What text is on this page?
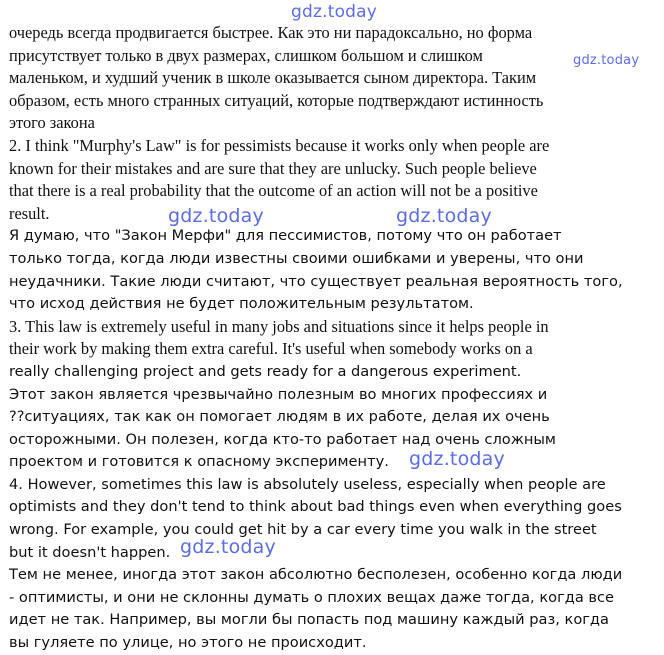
gdz.today
очередь всегда продвигается быстрее. Как это ни парадоксально, но форма
присутствует только в двух размерах, слишком большом и слишком
маленьком, и худший ученик в школе оказывается сыном директора. Таким
образом, есть много странных ситуаций, которые подтверждают истинность
этого закона
2. I think "Murphy's Law" is for pessimists because it works only when people are
known for their mistakes and are sure that they are unlucky. Such people believe
that there is a real probability that the outcome of an action will not be a positive
result.
Я думаю, что "Закон Мерфи" для пессимистов, потому что он работает
только тогда, когда люди известны своими ошибками и уверены, что они
неудачники. Такие люди считают, что существует реальная вероятность того,
что исход действия не будет положительным результатом.
3. This law is extremely useful in many jobs and situations since it helps people in
their work by making them extra careful. It's useful when somebody works on a
really challenging project and gets ready for a dangerous experiment.
Этот закон является чрезвычайно полезным во многих профессиях и
??ситуациях, так как он помогает людям в их работе, делая их очень
осторожными. Он полезен, когда кто-то работает над очень сложным
проектом и готовится к опасному эксперименту.
4. However, sometimes this law is absolutely useless, especially when people are
optimists and they don't tend to think about bad things even when everything goes
wrong. For example, you could get hit by a car every time you walk in the street
but it doesn't happen.
Тем не менее, иногда этот закон абсолютно бесполезен, особенно когда люди
- оптимисты, и они не склонны думать о плохих вещах даже тогда, когда все
идет не так. Например, вы могли бы попасть под машину каждый раз, когда
вы гуляете по улице, но этого не происходит.
gdz.today
gdz.today	gdz.today
gdz.today
gdz.today
